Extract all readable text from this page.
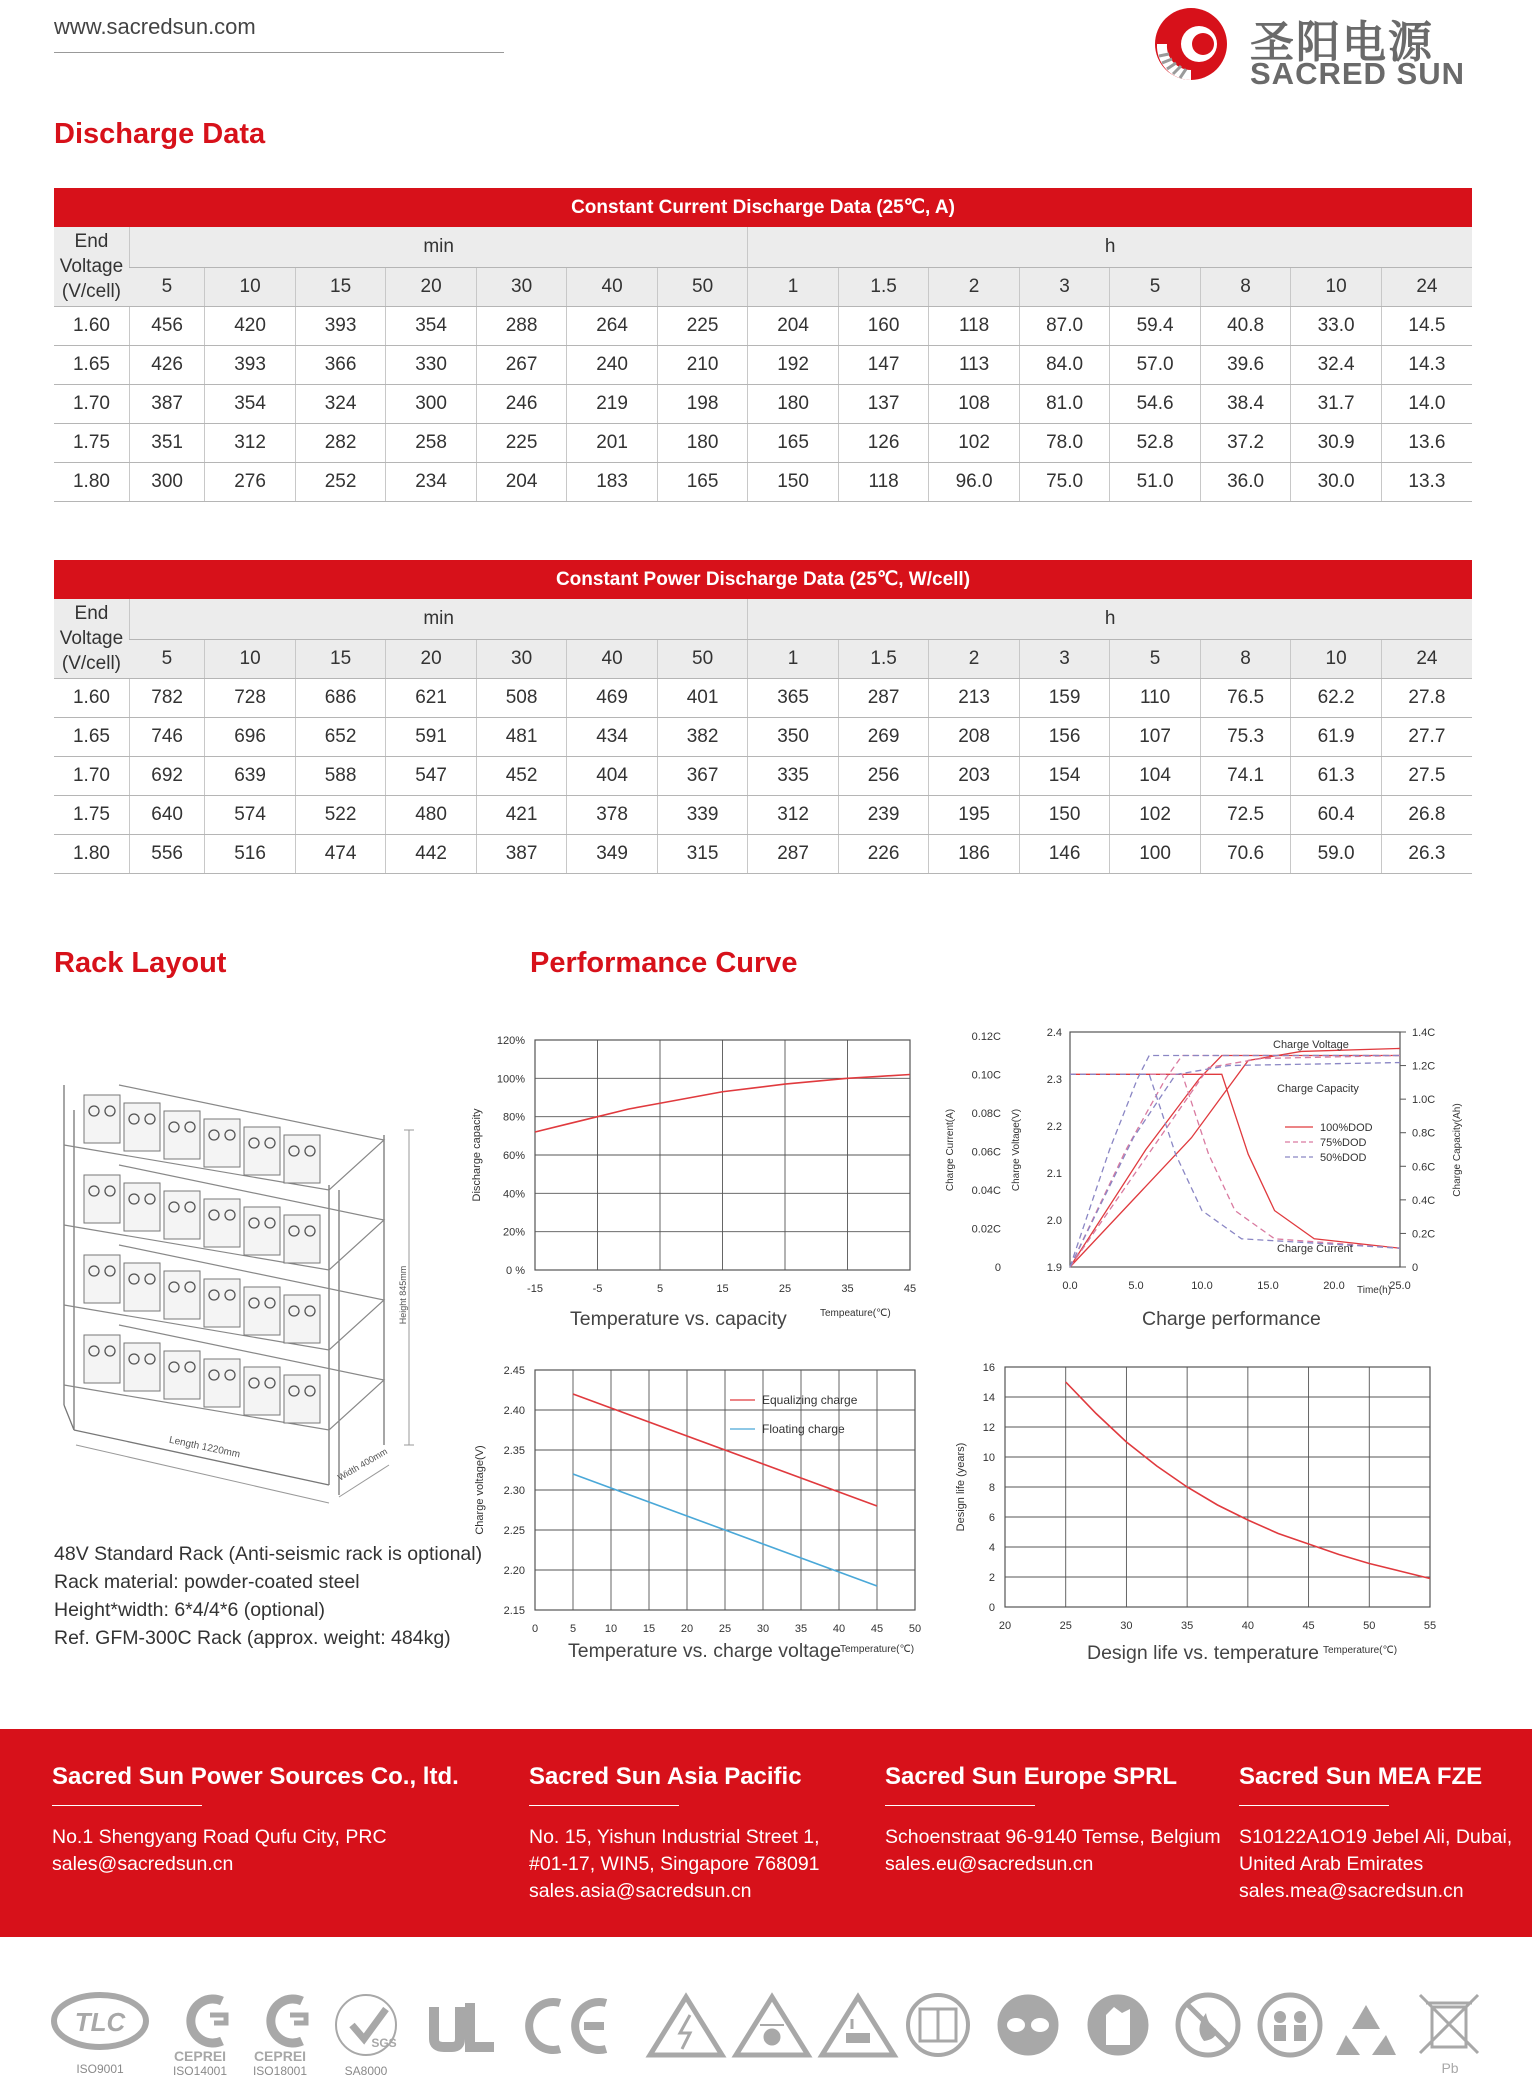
www.sacredsun.com	圣阳电源
SACRED SUN
Discharge Data
Constant Current Discharge Data (25℃, A)															

End
Voltage
(V/cell)	min							h							
	5	10	15	20	30	40	50	1	1.5	2	3	5	8	10	24
1.60	456	420	393	354	288	264	225	204	160	118	87.0	59.4	40.8	33.0	14.5
1.65	426	393	366	330	267	240	210	192	147	113	84.0	57.0	39.6	32.4	14.3
1.70	387	354	324	300	246	219	198	180	137	108	81.0	54.6	38.4	31.7	14.0
1.75	351	312	282	258	225	201	180	165	126	102	78.0	52.8	37.2	30.9	13.6
1.80	300	276	252	234	204	183	165	150	118	96.0	75.0	51.0	36.0	30.0	13.3
Constant Power Discharge Data (25℃, W/cell)															

End
Voltage
(V/cell)	min							h							
	5	10	15	20	30	40	50	1	1.5	2	3	5	8	10	24
1.60	782	728	686	621	508	469	401	365	287	213	159	110	76.5	62.2	27.8
1.65	746	696	652	591	481	434	382	350	269	208	156	107	75.3	61.9	27.7
1.70	692	639	588	547	452	404	367	335	256	203	154	104	74.1	61.3	27.5
1.75	640	574	522	480	421	378	339	312	239	195	150	102	72.5	60.4	26.8
1.80	556	516	474	442	387	349	315	287	226	186	146	100	70.6	59.0	26.3
Rack Layout	Performance Curve
Height 845mm
Length 1220mm	Width 400mm
48V Standard Rack (Anti-seismic rack is optional)
Rack material: powder-coated steel
Height*width: 6*4/4*6 (optional)
Ref. GFM-300C Rack (approx. weight: 484kg)
0 %
20%
40%
60%
80%
100%
120%
-15	-5	5	15	25	35	45
Tempeature(℃)
Discharge capacity
Temperature vs. capacity
0
0.02C
0.04C
0.06C
0.08C
0.10C
0.12C
1.9
2.0
2.1
2.2
2.3
2.4
0
0.2C
0.4C
0.6C
0.8C
1.0C
1.2C
1.4C
0.0	5.0	10.0	15.0	20.0	25.0
Time(h)
Charge Current(A)	Charge Voltage(V)	Charge Capacity(Ah)
Charge Voltage
Charge Capacity
Charge Current
100%DOD
75%DOD
50%DOD
Charge performance
2.15
2.20
2.25
2.30
2.35
2.40
2.45
0	5	10 15 20 25 30 35 40 45 50
Temperature(℃)
Charge voltage(V)
Equalizing charge
Floating charge
Temperature vs. charge voltage
0
2
4
6
8
10
12
14
16
20	25	30	35	40	45	50	55
Temperature(℃)
Design life (years)
Design life vs. temperature
Sacred Sun Power Sources Co., ltd.

No.1 Shengyang Road Qufu City, PRC

sales@sacredsun.cn

Sacred Sun Asia Pacific

No. 15, Yishun Industrial Street 1,

#01-17, WIN5, Singapore 768091

sales.asia@sacredsun.cn

Sacred Sun Europe SPRL

Schoenstraat 96-9140 Temse, Belgium

sales.eu@sacredsun.cn

Sacred Sun MEA FZE

S10122A1O19 Jebel Ali, Dubai,

United Arab Emirates

sales.mea@sacredsun.cn

TLC
ISO9001
CEPREI
ISO14001
CEPREI
ISO18001
SGS
SA8000	Pb
